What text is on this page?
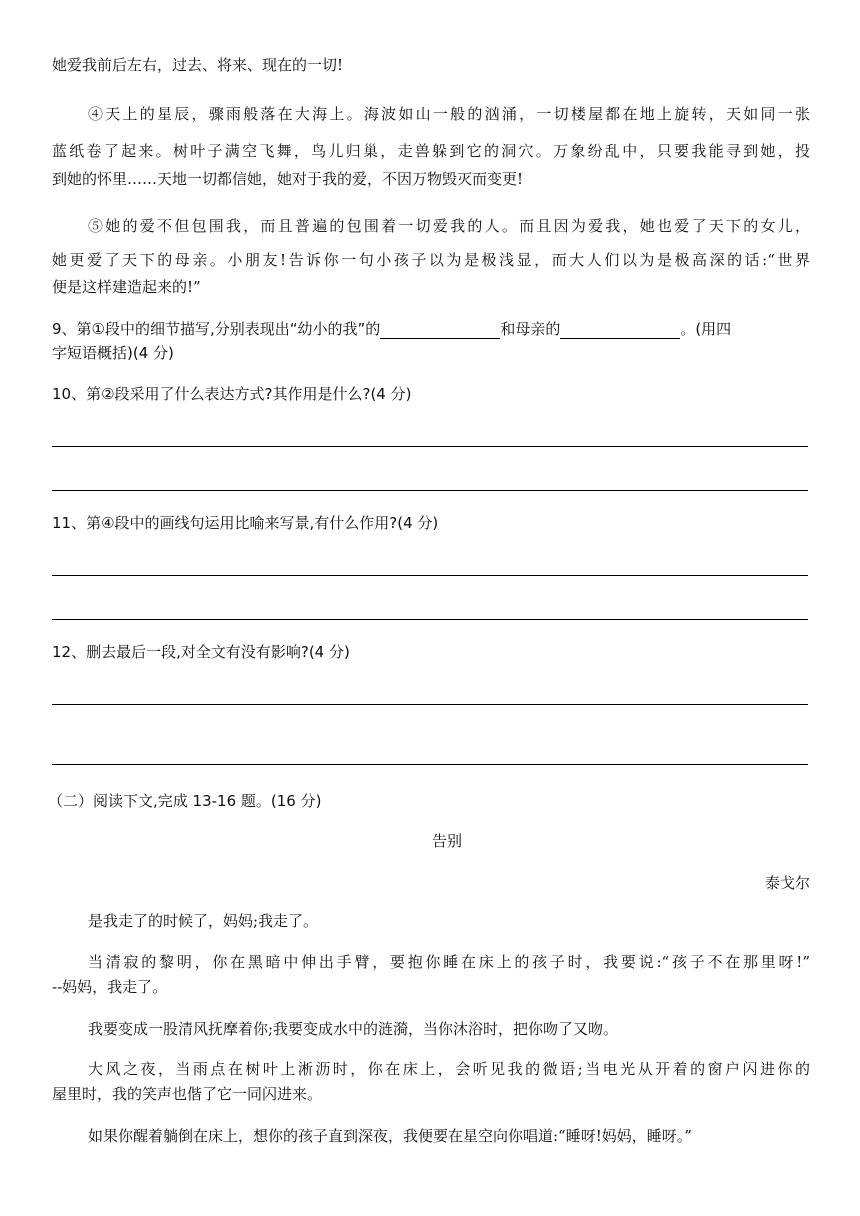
她爱我前后左右，过去、将来、现在的一切!
④天上的星辰，骤雨般落在大海上。海波如山一般的汹涌，一切楼屋都在地上旋转，天如同一张
蓝纸卷了起来。树叶子满空飞舞，鸟儿归巢，走兽躲到它的洞穴。万象纷乱中，只要我能寻到她，投
到她的怀里……天地一切都信她，她对于我的爱，不因万物毁灭而变更!
⑤她的爱不但包围我，而且普遍的包围着一切爱我的人。而且因为爱我，她也爱了天下的女儿，
她更爱了天下的母亲。小朋友!告诉你一句小孩子以为是极浅显，而大人们以为是极高深的话:“世界
便是这样建造起来的!”
9、第①段中的细节描写,分别表现出“幼小的我”的	和母亲的	。(用四
字短语概括)(4 分)
10、第②段采用了什么表达方式?其作用是什么?(4 分)
11、第④段中的画线句运用比喻来写景,有什么作用?(4 分)
12、删去最后一段,对全文有没有影响?(4 分)
（二）阅读下文,完成 13-16 题。(16 分)
告别
泰戈尔
是我走了的时候了，妈妈;我走了。
当清寂的黎明，你在黑暗中伸出手臂，要抱你睡在床上的孩子时，我要说:“孩子不在那里呀!”
--妈妈，我走了。
我要变成一股清风抚摩着你;我要变成水中的涟漪，当你沐浴时，把你吻了又吻。
大风之夜，当雨点在树叶上淅沥时，你在床上，会听见我的微语;当电光从开着的窗户闪进你的
屋里时，我的笑声也偕了它一同闪进来。
如果你醒着躺倒在床上，想你的孩子直到深夜，我便要在星空向你唱道:“睡呀!妈妈，睡呀。”
